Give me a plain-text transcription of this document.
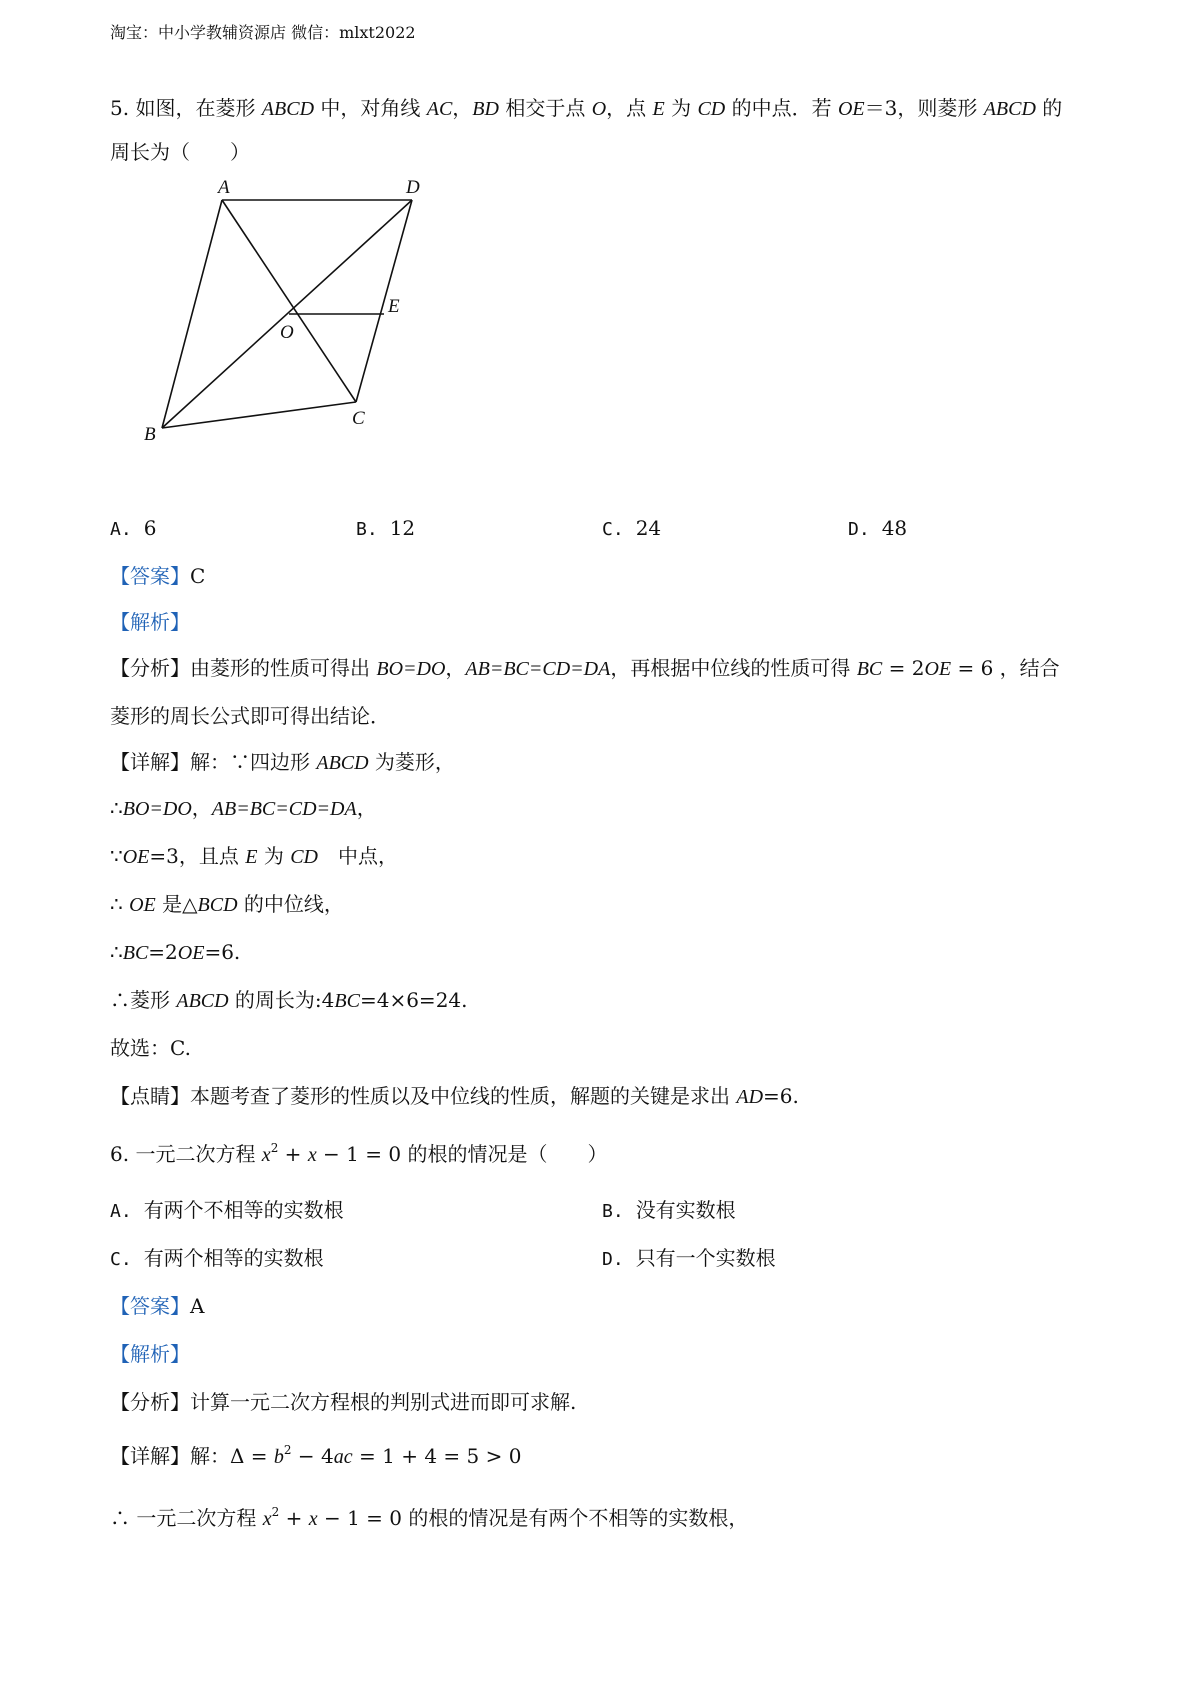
淘宝：中小学教辅资源店 微信：mlxt2022
5. 如图，在菱形 ABCD 中，对角线 AC，BD 相交于点 O，点 E 为 CD 的中点．若 OE＝3，则菱形 ABCD 的
周长为（　　）
A	D
E
O
B
C
A. 6	B. 12	C. 24	D. 48
【答案】C
【解析】
【分析】由菱形的性质可得出 BO=DO，AB=BC=CD=DA，再根据中位线的性质可得 BC = 2OE = 6 ，结合
菱形的周长公式即可得出结论．
【详解】解：∵四边形 ABCD 为菱形，
∴BO=DO，AB=BC=CD=DA，
∵OE=3，且点 E 为 CD　中点，
∴ OE 是△BCD 的中位线，
∴BC=2OE=6.
∴菱形 ABCD 的周长为:4BC=4×6=24.
故选：C.
【点睛】本题考查了菱形的性质以及中位线的性质，解题的关键是求出 AD=6.
6. 一元二次方程 $x^2 + x - 1 = 0$ 的根的情况是（　　）
A. 有两个不相等的实数根	B. 没有实数根
C. 有两个相等的实数根	D. 只有一个实数根
【答案】A
【解析】
【分析】计算一元二次方程根的判别式进而即可求解.
【详解】解：$\Delta = b^2 - 4ac = 1 + 4 = 5 > 0$
∴ 一元二次方程 $x^2 + x - 1 = 0$ 的根的情况是有两个不相等的实数根，
